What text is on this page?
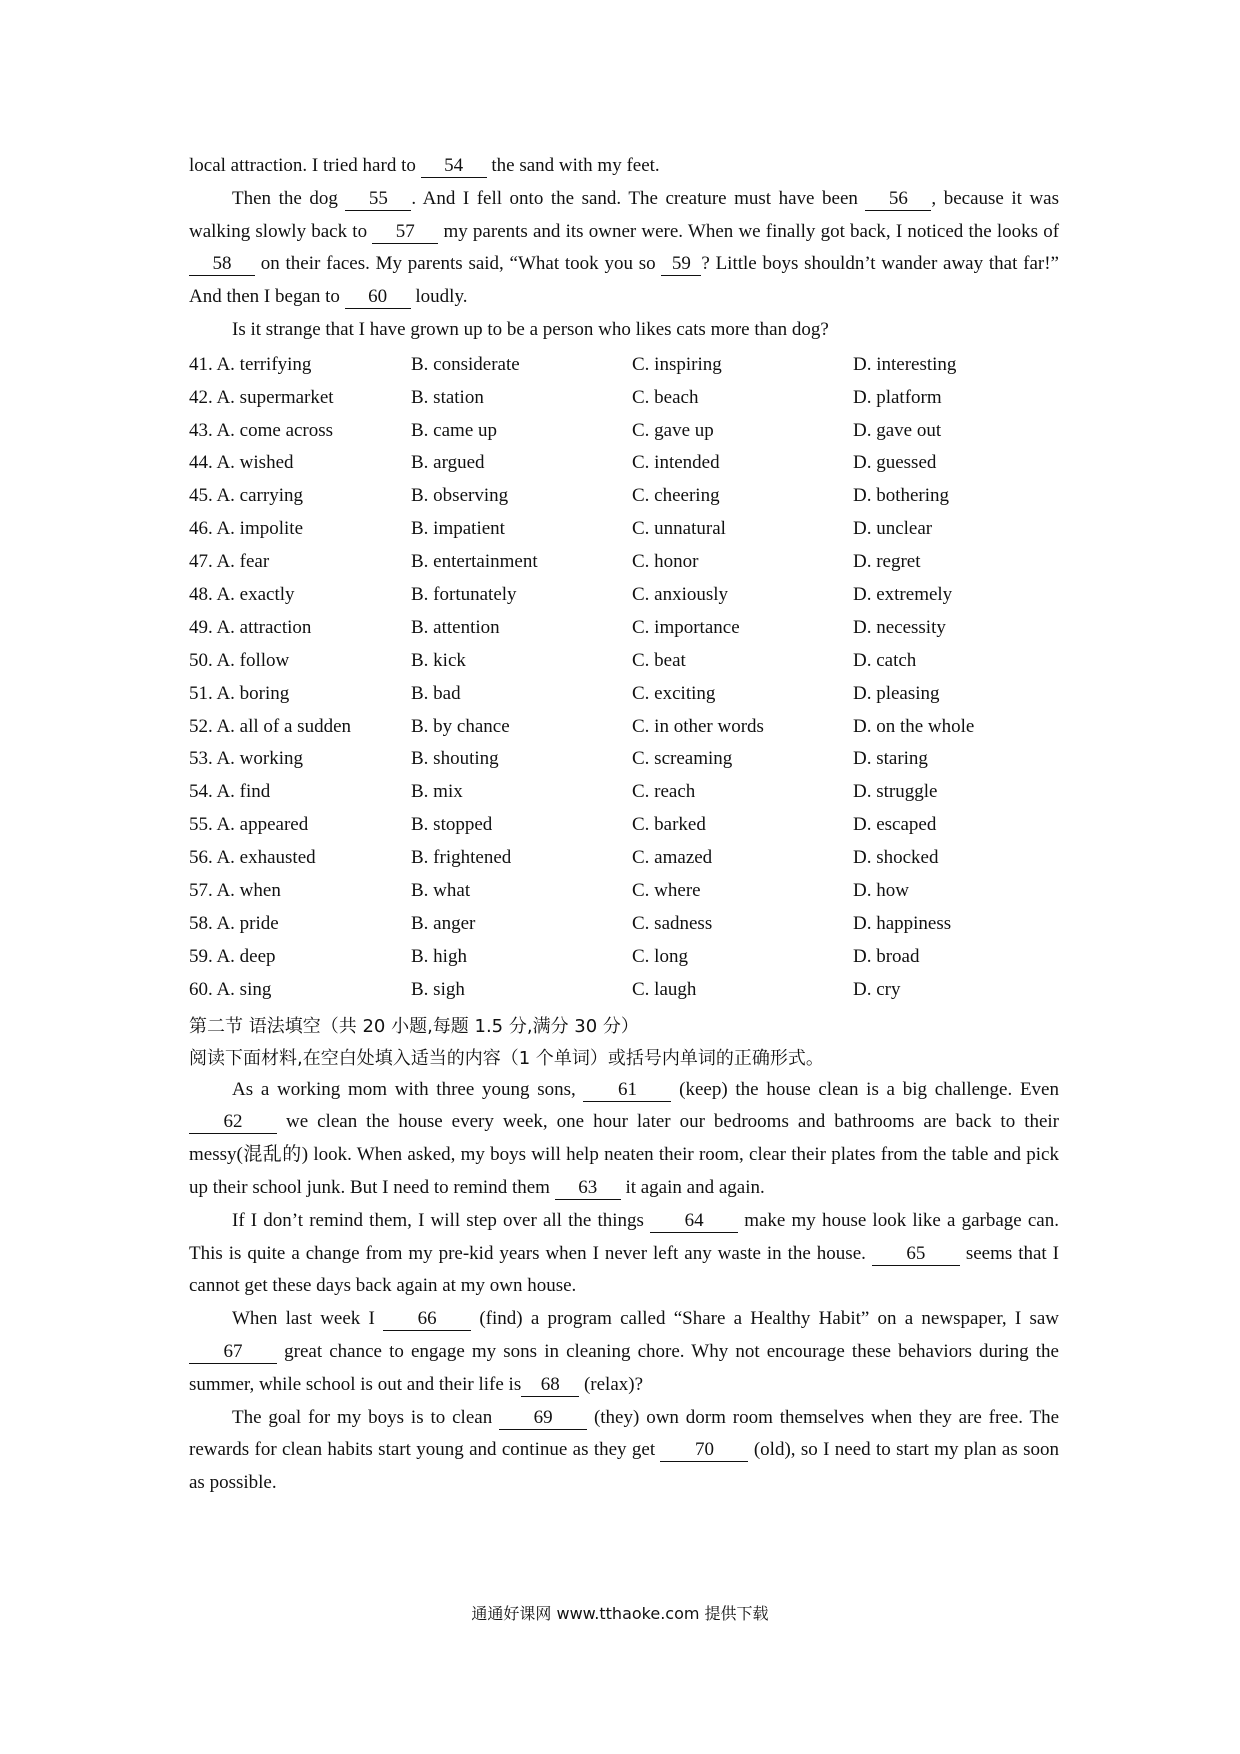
local attraction. I tried hard to 54 the sand with my feet.

Then the dog 55 . And I fell onto the sand. The creature must have been 56 , because it was walking slowly back to 57 my parents and its owner were. When we finally got back, I noticed the looks of 58 on their faces. My parents said, “What took you so 59 ? Little boys shouldn’t wander away that far!” And then I began to 60 loudly.

Is it strange that I have grown up to be a person who likes cats more than dog?

41. A. terrifying	B. considerate	C. inspiring	D. interesting
42. A. supermarket	B. station	C. beach	D. platform
43. A. come across	B. came up	C. gave up	D. gave out
44. A. wished	B. argued	C. intended	D. guessed
45. A. carrying	B. observing	C. cheering	D. bothering
46. A. impolite	B. impatient	C. unnatural	D. unclear
47. A. fear	B. entertainment	C. honor	D. regret
48. A. exactly	B. fortunately	C. anxiously	D. extremely
49. A. attraction	B. attention	C. importance	D. necessity
50. A. follow	B. kick	C. beat	D. catch
51. A. boring	B. bad	C. exciting	D. pleasing
52. A. all of a sudden	B. by chance	C. in other words	D. on the whole
53. A. working	B. shouting	C. screaming	D. staring
54. A. find	B. mix	C. reach	D. struggle
55. A. appeared	B. stopped	C. barked	D. escaped
56. A. exhausted	B. frightened	C. amazed	D. shocked
57. A. when	B. what	C. where	D. how
58. A. pride	B. anger	C. sadness	D. happiness
59. A. deep	B. high	C. long	D. broad
60. A. sing	B. sigh	C. laugh	D. cry
第二节 语法填空（共 20 小题,每题 1.5 分,满分 30 分）
阅读下面材料,在空白处填入适当的内容（1 个单词）或括号内单词的正确形式。

As a working mom with three young sons, 61 (keep) the house clean is a big challenge. Even 62 we clean the house every week, one hour later our bedrooms and bathrooms are back to their messy(混乱的) look. When asked, my boys will help neaten their room, clear their plates from the table and pick up their school junk. But I need to remind them 63 it again and again.

If I don’t remind them, I will step over all the things 64 make my house look like a garbage can. This is quite a change from my pre-kid years when I never left any waste in the house. 65 seems that I cannot get these days back again at my own house.

When last week I 66 (find) a program called “Share a Healthy Habit” on a newspaper, I saw 67 great chance to engage my sons in cleaning chore. Why not encourage these behaviors during the summer, while school is out and their life is 68 (relax)?

The goal for my boys is to clean 69 (they) own dorm room themselves when they are free. The rewards for clean habits start young and continue as they get 70 (old), so I need to start my plan as soon as possible.

通通好课网 www.tthaoke.com 提供下载
